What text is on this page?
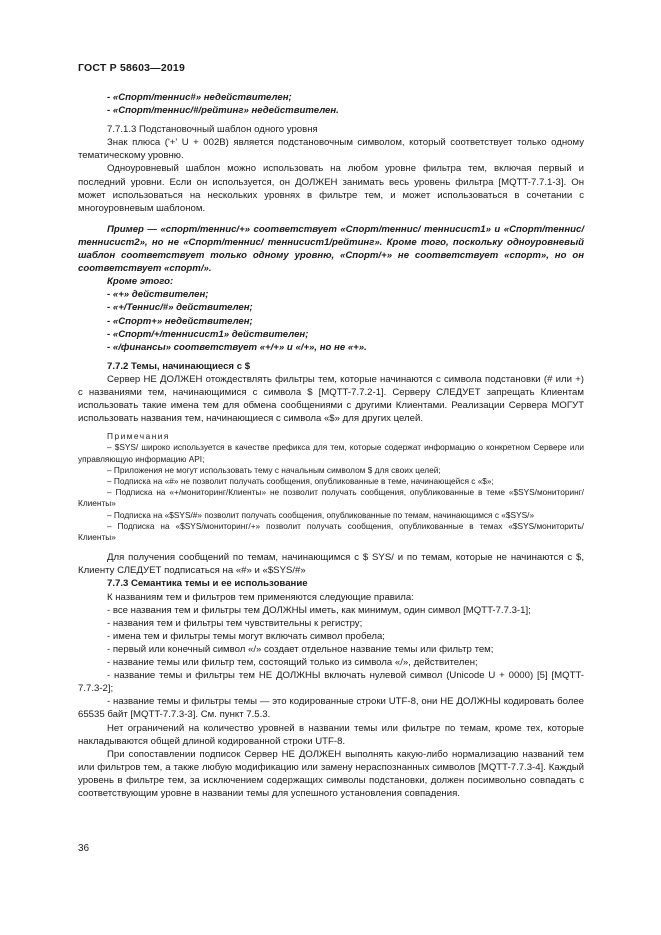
ГОСТ Р 58603—2019

- «Спорт/теннис#» недействителен;

- «Спорт/теннис/#/рейтинг» недействителен.

7.7.1.3 Подстановочный шаблон одного уровня

Знак плюса ('+' U + 002B) является подстановочным символом, который соответствует только одному тематическому уровню.

Одноуровневый шаблон можно использовать на любом уровне фильтра тем, включая первый и последний уровни. Если он используется, он ДОЛЖЕН занимать весь уровень фильтра [MQTT-7.7.1-3]. Он может использоваться на нескольких уровнях в фильтре тем, и может использоваться в сочетании с многоуровневым шаблоном.

Пример — «спорт/теннис/+» соответствует «Спорт/теннис/ теннисист1» и «Спорт/теннис/ теннисист2», но не «Спорт/теннис/ теннисист1/рейтинг». Кроме того, поскольку одноуровневый шаблон соответствует только одному уровню, «Спорт/+» не соответствует «спорт», но он соответствует «спорт/».

Кроме этого:

- «+» действителен;

- «+/Теннис/#» действителен;

- «Спорт+» недействителен;

- «Спорт/+/теннисист1» действителен;

- «/финансы» соответствует «+/+» и «/+», но не «+».

7.7.2 Темы, начинающиеся с $

Сервер НЕ ДОЛЖЕН отождествлять фильтры тем, которые начинаются с символа подстановки (# или +) с названиями тем, начинающимися с символа $ [MQTT-7.7.2-1]. Серверу СЛЕДУЕТ запрещать Клиентам использовать такие имена тем для обмена сообщениями с другими Клиентами. Реализации Сервера МОГУТ использовать названия тем, начинающиеся с символа «$» для других целей.

Примечания

– $SYS/ широко используется в качестве префикса для тем, которые содержат информацию о конкретном Сервере или управляющую информацию API;

– Приложения не могут использовать тему с начальным символом $ для своих целей;

– Подписка на «#» не позволит получать сообщения, опубликованные в теме, начинающейся с «$»;

– Подписка на «+/мониторинг/Клиенты» не позволит получать сообщения, опубликованные в теме «$SYS/мониторинг/Клиенты»

– Подписка на «$SYS/#» позволит получать сообщения, опубликованные по темам, начинающимся с «$SYS/»

– Подписка на «$SYS/мониторинг/+» позволит получать сообщения, опубликованные в темах «$SYS/мониторить/Клиенты»

Для получения сообщений по темам, начинающимся с $ SYS/ и по темам, которые не начинаются с $, Клиенту СЛЕДУЕТ подписаться на «#» и «$SYS/#»

7.7.3 Семантика темы и ее использование

К названиям тем и фильтров тем применяются следующие правила:

- все названия тем и фильтры тем ДОЛЖНЫ иметь, как минимум, один символ [MQTT-7.7.3-1];

- названия тем и фильтры тем чувствительны к регистру;

- имена тем и фильтры темы могут включать символ пробела;

- первый или конечный символ «/» создает отдельное название темы или фильтр тем;

- название темы или фильтр тем, состоящий только из символа «/», действителен;

- название темы и фильтры тем НЕ ДОЛЖНЫ включать нулевой символ (Unicode U + 0000) [5] [MQTT-7.7.3-2];

- название темы и фильтры темы — это кодированные строки UTF-8, они НЕ ДОЛЖНЫ кодировать более 65535 байт [MQTT-7.7.3-3]. См. пункт 7.5.3.

Нет ограничений на количество уровней в названии темы или фильтре по темам, кроме тех, которые накладываются общей длиной кодированной строки UTF-8.

При сопоставлении подписок Сервер НЕ ДОЛЖЕН выполнять какую-либо нормализацию названий тем или фильтров тем, а также любую модификацию или замену нераспознанных символов [MQTT-7.7.3-4]. Каждый уровень в фильтре тем, за исключением содержащих символы подстановки, должен посимвольно совпадать с соответствующим уровне в названии темы для успешного установления совпадения.

36
